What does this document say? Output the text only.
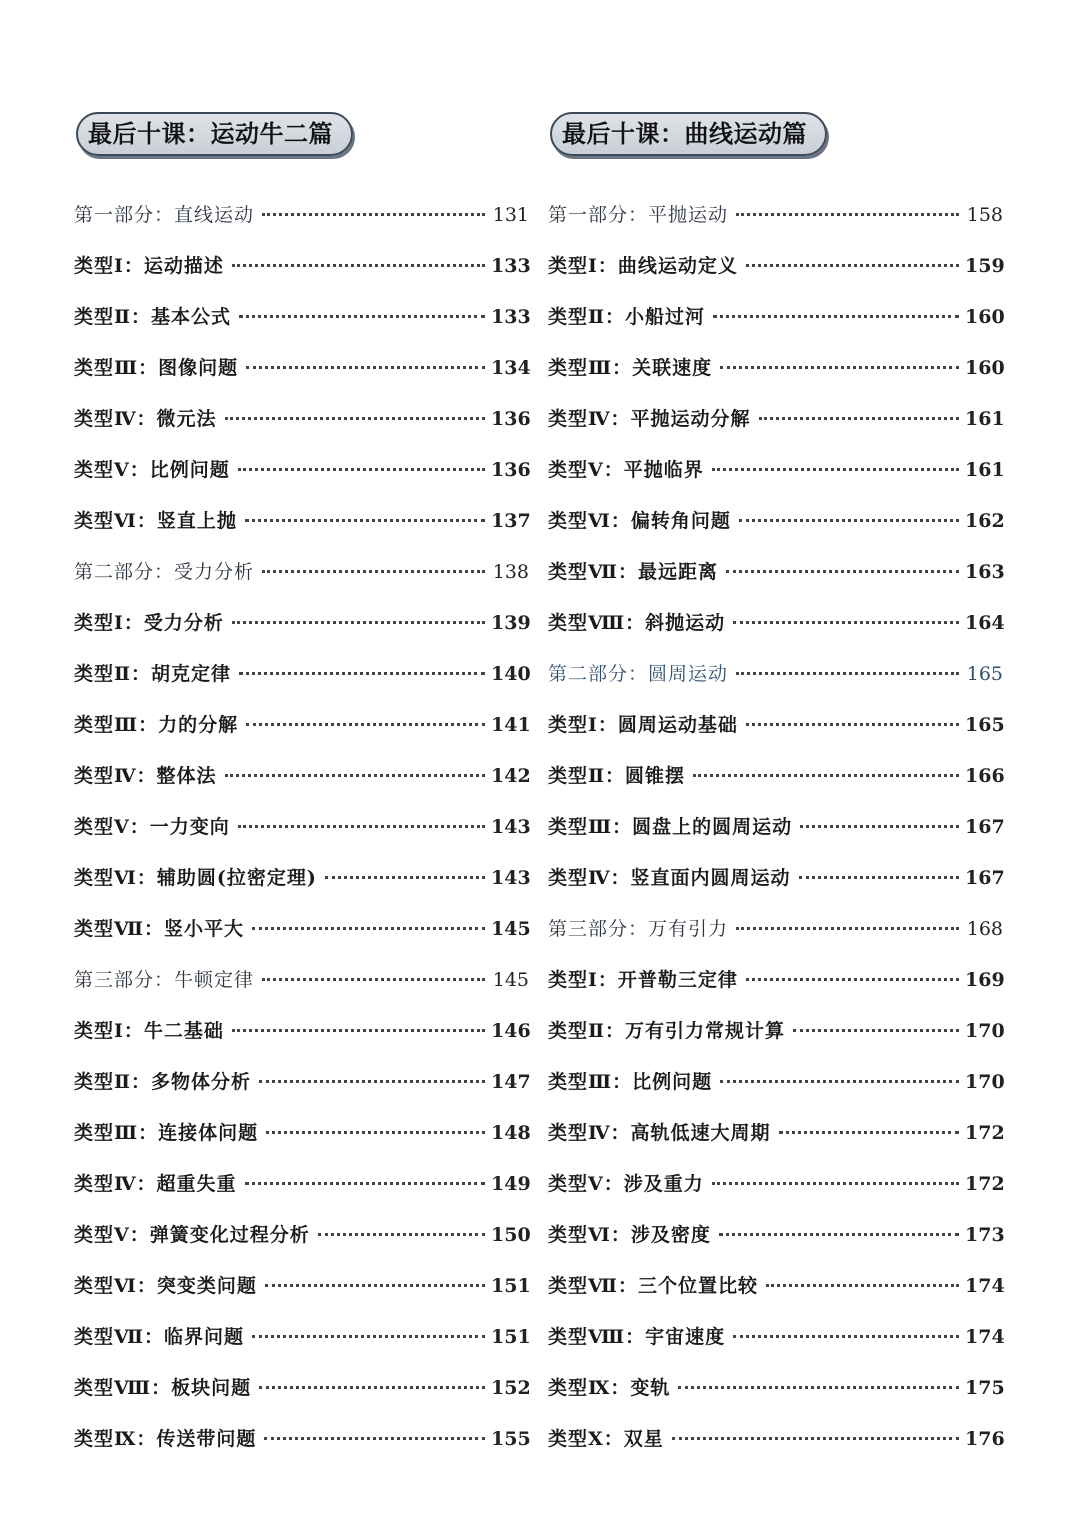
最后十课：运动牛二篇
第一部分：直线运动	131
类型Ⅰ：运动描述	133
类型Ⅱ：基本公式	133
类型Ⅲ：图像问题	134
类型Ⅳ：微元法	136
类型Ⅴ：比例问题	136
类型Ⅵ：竖直上抛	137
第二部分：受力分析	138
类型Ⅰ：受力分析	139
类型Ⅱ：胡克定律	140
类型Ⅲ：力的分解	141
类型Ⅳ：整体法	142
类型Ⅴ：一力变向	143
类型Ⅵ：辅助圆(拉密定理)	143
类型Ⅶ：竖小平大	145
第三部分：牛顿定律	145
类型Ⅰ：牛二基础	146
类型Ⅱ：多物体分析	147
类型Ⅲ：连接体问题	148
类型Ⅳ：超重失重	149
类型Ⅴ：弹簧变化过程分析	150
类型Ⅵ：突变类问题	151
类型Ⅶ：临界问题	151
类型Ⅷ：板块问题	152
类型Ⅸ：传送带问题	155
最后十课：曲线运动篇
第一部分：平抛运动	158
类型Ⅰ：曲线运动定义	159
类型Ⅱ：小船过河	160
类型Ⅲ：关联速度	160
类型Ⅳ：平抛运动分解	161
类型Ⅴ：平抛临界	161
类型Ⅵ：偏转角问题	162
类型Ⅶ：最远距离	163
类型Ⅷ：斜抛运动	164
第二部分：圆周运动	165
类型Ⅰ：圆周运动基础	165
类型Ⅱ：圆锥摆	166
类型Ⅲ：圆盘上的圆周运动	167
类型Ⅳ：竖直面内圆周运动	167
第三部分：万有引力	168
类型Ⅰ：开普勒三定律	169
类型Ⅱ：万有引力常规计算	170
类型Ⅲ：比例问题	170
类型Ⅳ：高轨低速大周期	172
类型Ⅴ：涉及重力	172
类型Ⅵ：涉及密度	173
类型Ⅶ：三个位置比较	174
类型Ⅷ：宇宙速度	174
类型Ⅸ：变轨	175
类型Ⅹ：双星	176
